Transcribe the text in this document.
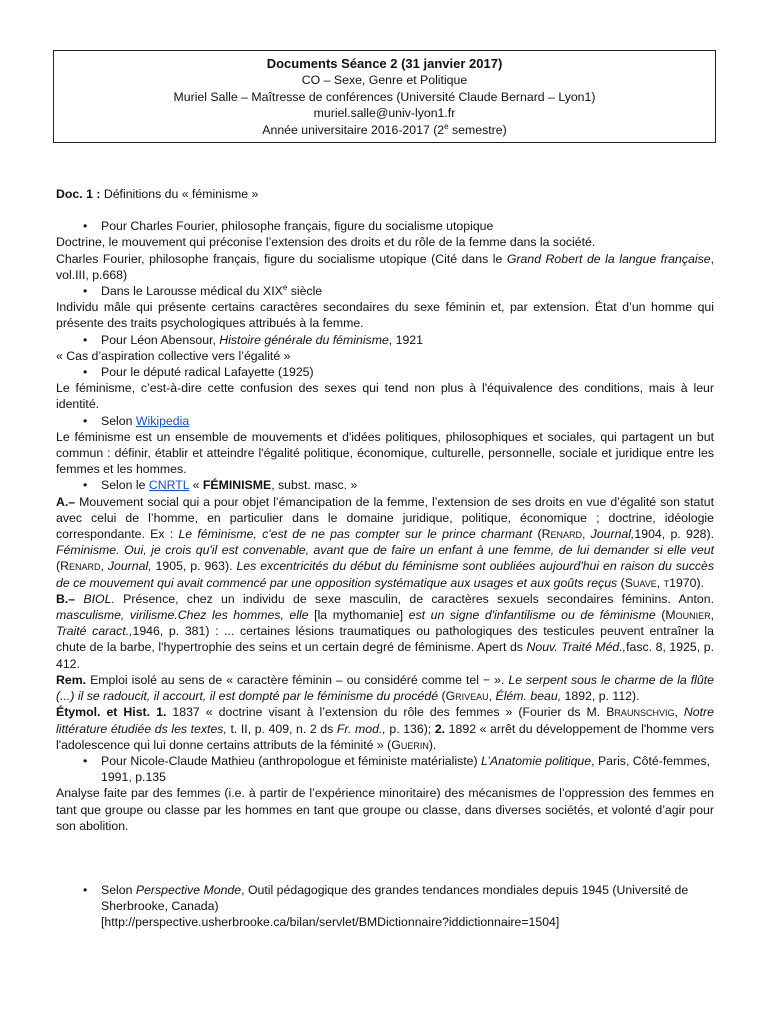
Documents Séance 2 (31 janvier 2017)
CO – Sexe, Genre et Politique
Muriel Salle – Maîtresse de conférences (Université Claude Bernard – Lyon1)
muriel.salle@univ-lyon1.fr
Année universitaire 2016-2017 (2e semestre)

Doc. 1 : Définitions du « féminisme »

• Pour Charles Fourier, philosophe français, figure du socialisme utopique

Doctrine, le mouvement qui préconise l’extension des droits et du rôle de la femme dans la société.

Charles Fourier, philosophe français, figure du socialisme utopique (Cité dans le Grand Robert de la langue française, vol.III, p.668)

• Dans le Larousse médical du XIXe siècle

Individu mâle qui présente certains caractères secondaires du sexe féminin et, par extension. État d’un homme qui présente des traits psychologiques attribués à la femme.

• Pour Léon Abensour, Histoire générale du féminisme, 1921

« Cas d’aspiration collective vers l’égalité »

• Pour le député radical Lafayette (1925)

Le féminisme, c’est-à-dire cette confusion des sexes qui tend non plus à l'équivalence des conditions, mais à leur identité.

• Selon Wikipedia

Le féminisme est un ensemble de mouvements et d'idées politiques, philosophiques et sociales, qui partagent un but commun : définir, établir et atteindre l'égalité politique, économique, culturelle, personnelle, sociale et juridique entre les femmes et les hommes.

• Selon le CNRTL « FÉMINISME, subst. masc. »

A.– Mouvement social qui a pour objet l’émancipation de la femme, l’extension de ses droits en vue d’égalité son statut avec celui de l’homme, en particulier dans le domaine juridique, politique, économique ; doctrine, idéologie correspondante. Ex : Le féminisme, c'est de ne pas compter sur le prince charmant (Renard, Journal,1904, p. 928). Féminisme. Oui, je crois qu'il est convenable, avant que de faire un enfant à une femme, de lui demander si elle veut (Renard, Journal, 1905, p. 963). Les excentricités du début du féminisme sont oubliées aujourd'hui en raison du succès de ce mouvement qui avait commencé par une opposition systématique aux usages et aux goûts reçus (Suave, t1970).

B.– BIOL. Présence, chez un individu de sexe masculin, de caractères sexuels secondaires féminins. Anton. masculisme, virilisme.Chez les hommes, elle [la mythomanie] est un signe d'infantilisme ou de féminisme (Mounier, Traité caract.,1946, p. 381) : ... certaines lésions traumatiques ou pathologiques des testicules peuvent entraîner la chute de la barbe, l'hypertrophie des seins et un certain degré de féminisme. Apert ds Nouv. Traité Méd.,fasc. 8, 1925, p. 412.

Rem. Emploi isolé au sens de « caractère féminin – ou considéré comme tel − ». Le serpent sous le charme de la flûte (...) il se radoucit, il accourt, il est dompté par le féminisme du procédé (Griveau, Élém. beau, 1892, p. 112).

Étymol. et Hist. 1. 1837 « doctrine visant à l’extension du rôle des femmes » (Fourier ds M. Braunschvig, Notre littérature étudiée ds les textes, t. II, p. 409, n. 2 ds Fr. mod., p. 136); 2. 1892 « arrêt du développement de l'homme vers l'adolescence qui lui donne certains attributs de la féminité » (Guerin).

• Pour Nicole-Claude Mathieu (anthropologue et féministe matérialiste) L’Anatomie politique, Paris, Côté-femmes, 1991, p.135

Analyse faite par des femmes (i.e. à partir de l’expérience minoritaire) des mécanismes de l’oppression des femmes en tant que groupe ou classe par les hommes en tant que groupe ou classe, dans diverses sociétés, et volonté d’agir pour son abolition.

• Selon Perspective Monde, Outil pédagogique des grandes tendances mondiales depuis 1945 (Université de Sherbrooke, Canada)
[http://perspective.usherbrooke.ca/bilan/servlet/BMDictionnaire?iddictionnaire=1504]
